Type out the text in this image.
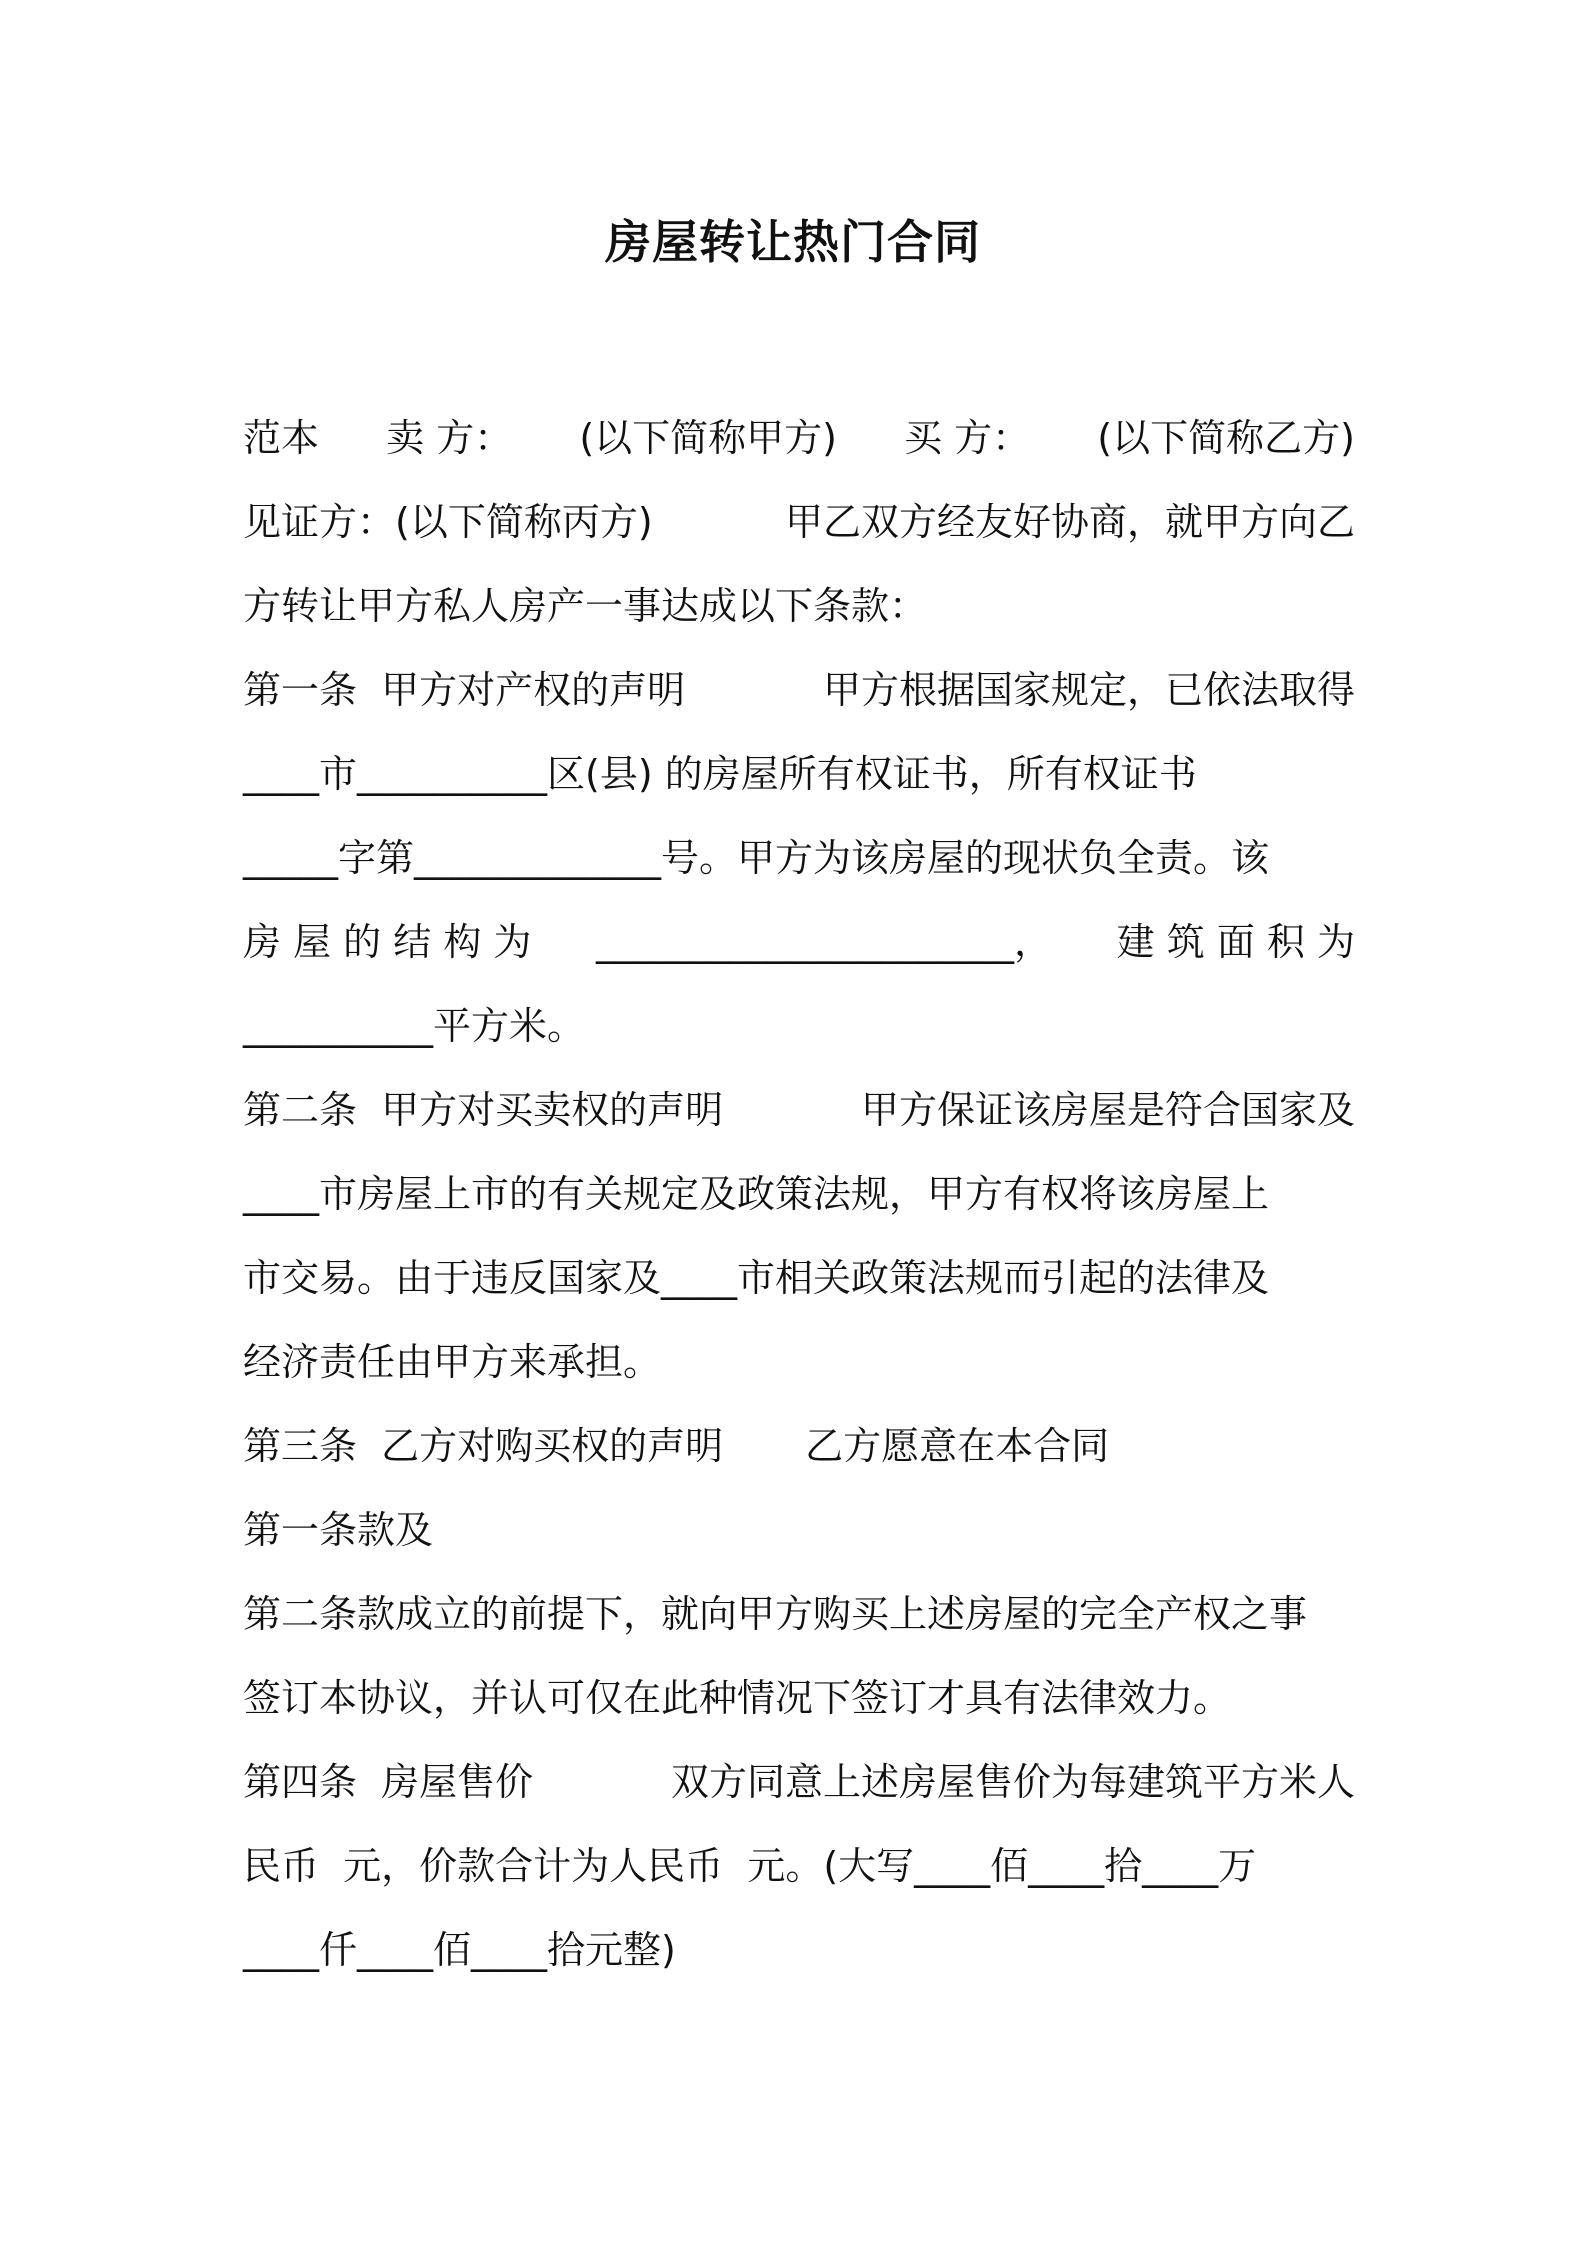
房屋转让热门合同
范本 卖 方： (以下简称甲方) 买 方： (以下简称乙方)
见证方：(以下简称丙方)	甲乙双方经友好协商，就甲方向乙
方转让甲方私人房产一事达成以下条款：
第一条  甲方对产权的声明	甲方根据国家规定，已依法取得
____市__________区(县) 的房屋所有权证书，所有权证书
_____字第_____________号。甲方为该房屋的现状负全责。该
房 屋 的 结 构 为 ______________________， 建 筑 面 积 为
__________平方米。
第二条  甲方对买卖权的声明	甲方保证该房屋是符合国家及
____市房屋上市的有关规定及政策法规，甲方有权将该房屋上
市交易。由于违反国家及____市相关政策法规而引起的法律及
经济责任由甲方来承担。
第三条  乙方对购买权的声明 乙方愿意在本合同
第一条款及
第二条款成立的前提下，就向甲方购买上述房屋的完全产权之事
签订本协议，并认可仅在此种情况下签订才具有法律效力。
第四条  房屋售价	双方同意上述房屋售价为每建筑平方米人
民币  元，价款合计为人民币  元。(大写____佰____拾____万
____仟____佰____拾元整)
